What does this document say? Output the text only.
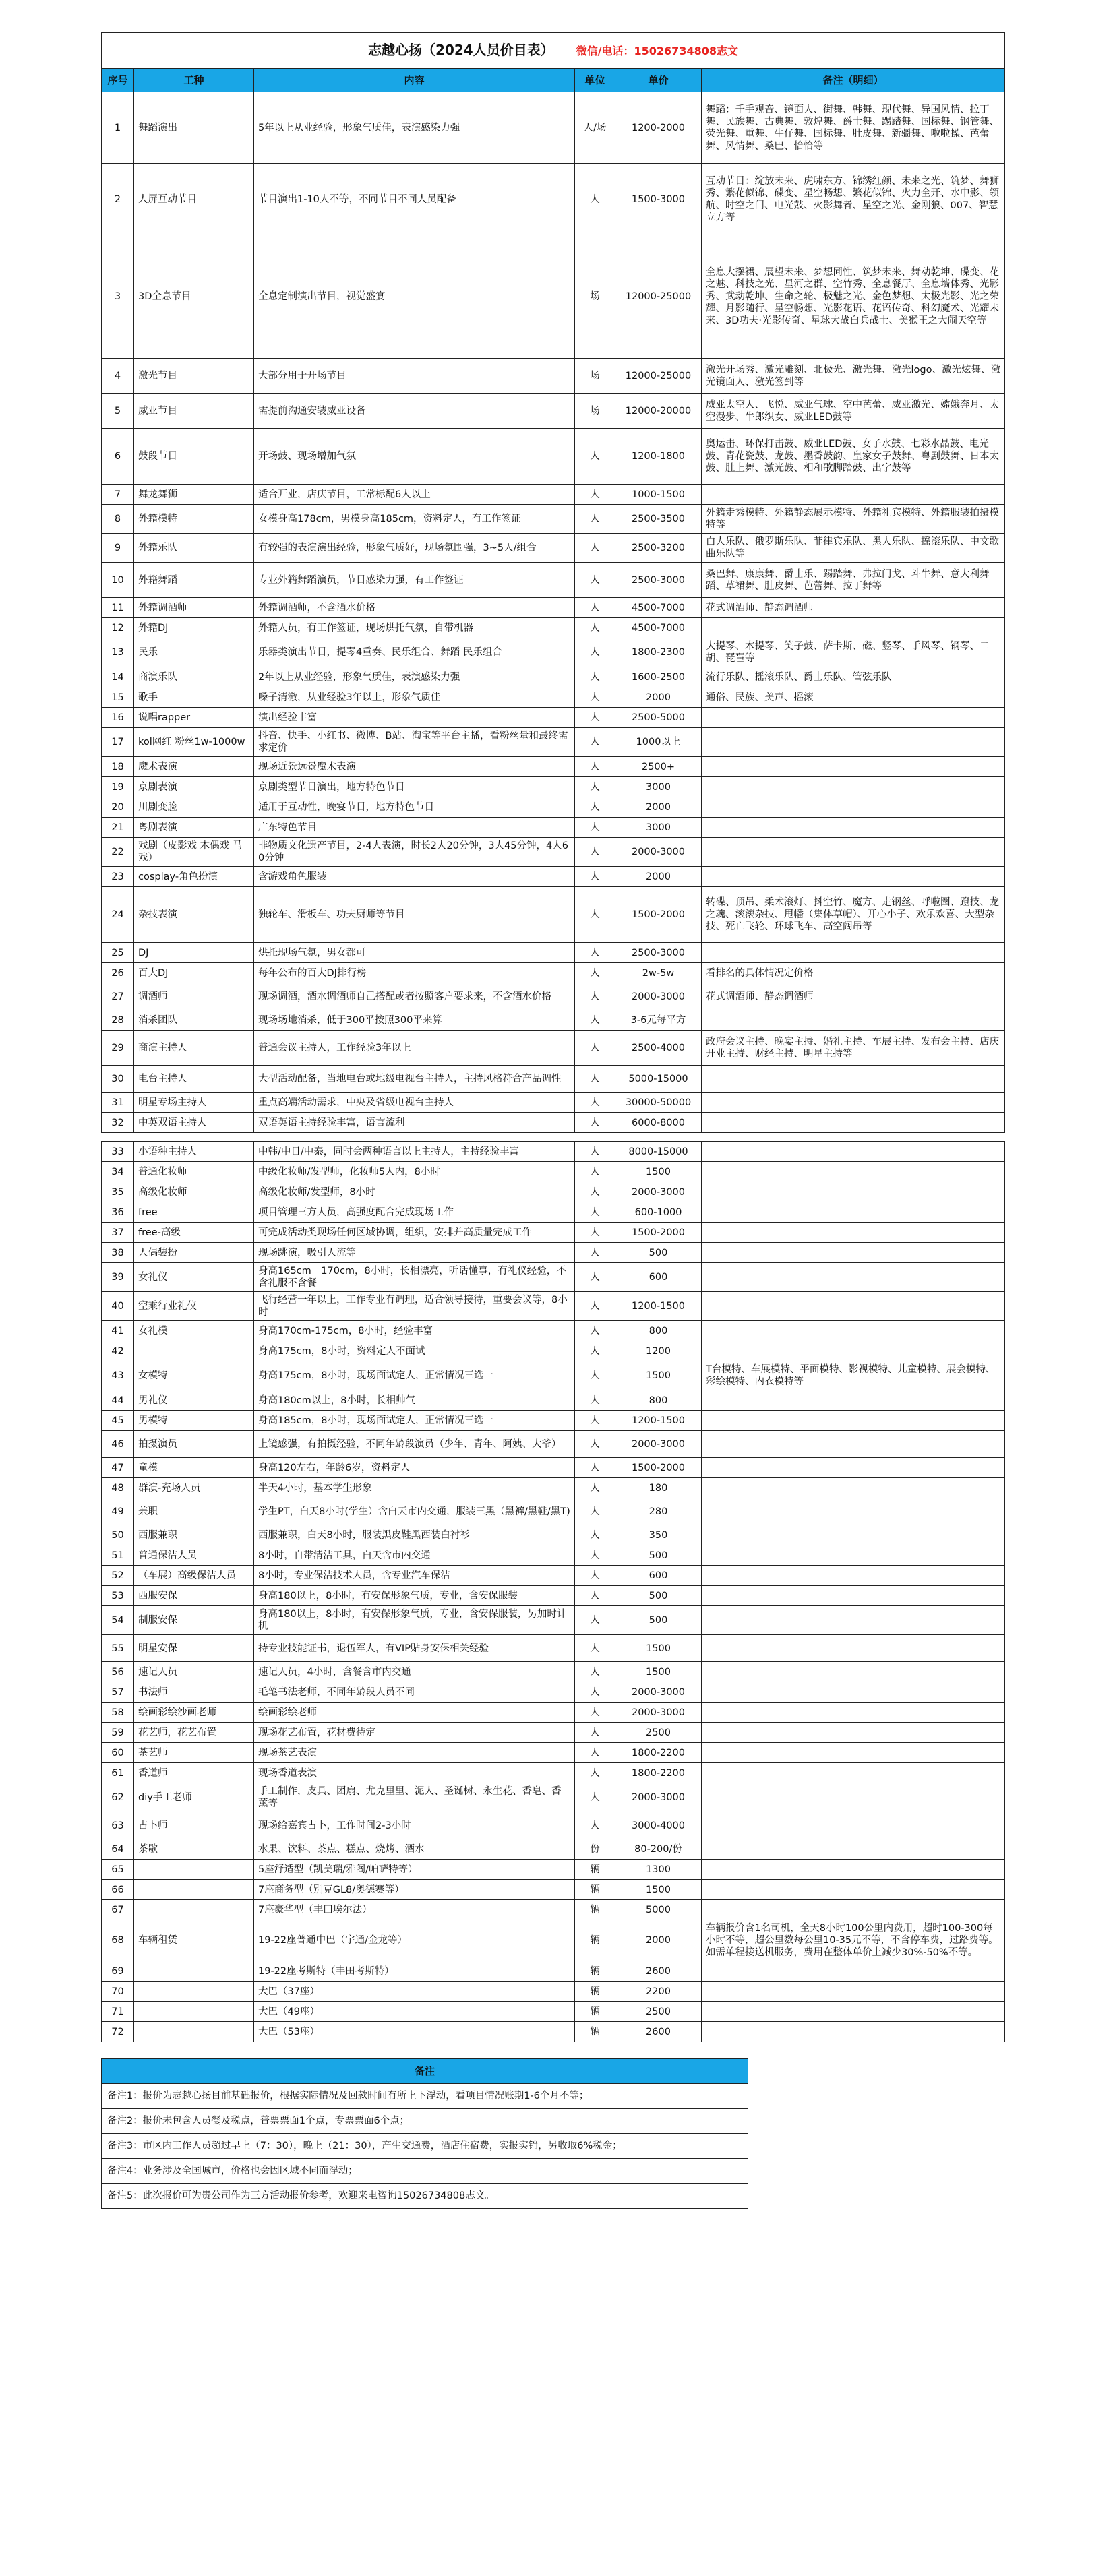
志越心扬（2024人员价目表） 微信/电话：15026734808志文					
序号	工种	内容	单位	单价	备注（明细）
1	舞蹈演出	5年以上从业经验，形象气质佳，表演感染力强	人/场	1200-2000	舞蹈：千手观音、镜面人、街舞、韩舞、现代舞、异国风情、拉丁舞、民族舞、古典舞、敦煌舞、爵士舞、踢踏舞、国标舞、钢管舞、荧光舞、重舞、牛仔舞、国标舞、肚皮舞、新疆舞、啦啦操、芭蕾舞、风情舞、桑巴、恰恰等
2	人屏互动节目	节目演出1-10人不等，不同节目不同人员配备	人	1500-3000	互动节目：绽放未来、虎啸东方、锦绣红颜、未来之光、筑梦、舞狮秀、繁花似锦、碟变、星空畅想、繁花似锦、火力全开、水中影、领航、时空之门、电光鼓、火影舞者、星空之光、金刚狼、007、智慧立方等
3	3D全息节目	全息定制演出节目，视觉盛宴	场	12000-25000	全息大摆裙、展望未来、梦想同性、筑梦未来、舞动乾坤、碟变、花之魅、科技之光、星河之群、空竹秀、全息餐厅、全息墙体秀、光影秀、武动乾坤、生命之轮、极魅之光、金色梦想、太极光影、光之荣耀、月影随行、星空畅想、光影花语、花语传奇、科幻魔术、光耀未来、3D功夫·光影传奇、星球大战白兵战士、美猴王之大闹天空等
4	激光节目	大部分用于开场节目	场	12000-25000	激光开场秀、激光雕刻、北极光、激光舞、激光logo、激光炫舞、激光镜面人、激光签到等
5	威亚节目	需提前沟通安装威亚设备	场	12000-20000	威亚太空人、飞悦、威亚气球、空中芭蕾、威亚激光、嫦娥奔月、太空漫步、牛郎织女、威亚LED鼓等
6	鼓段节目	开场鼓、现场增加气氛	人	1200-1800	奥运击、环保打击鼓、威亚LED鼓、女子水鼓、七彩水晶鼓、电光鼓、青花瓷鼓、龙鼓、墨香鼓韵、皇家女子鼓舞、粤剧鼓舞、日本太鼓、肚上舞、激光鼓、相和歌脚踏鼓、出字鼓等
7	舞龙舞狮	适合开业，店庆节目，工常标配6人以上	人	1000-1500	
8	外籍模特	女模身高178cm，男模身高185cm，资料定人，有工作签证	人	2500-3500	外籍走秀模特、外籍静态展示模特、外籍礼宾模特、外籍服装拍摄模特等
9	外籍乐队	有较强的表演演出经验，形象气质好，现场氛围强，3~5人/组合	人	2500-3200	白人乐队、俄罗斯乐队、菲律宾乐队、黑人乐队、摇滚乐队、中文歌曲乐队等
10	外籍舞蹈	专业外籍舞蹈演员，节目感染力强，有工作签证	人	2500-3000	桑巴舞、康康舞、爵士乐、踢踏舞、弗拉门戈、斗牛舞、意大利舞蹈、草裙舞、肚皮舞、芭蕾舞、拉丁舞等
11	外籍调酒师	外籍调酒师，不含酒水价格	人	4500-7000	花式调酒师、静态调酒师
12	外籍DJ	外籍人员，有工作签证，现场烘托气氛，自带机器	人	4500-7000	
13	民乐	乐器类演出节目，提琴4重奏、民乐组合、舞蹈 民乐组合	人	1800-2300	大提琴、木提琴、笑子鼓、萨卡斯、磁、竖琴、手风琴、钢琴、二胡、琵琶等
14	商演乐队	2年以上从业经验，形象气质佳，表演感染力强	人	1600-2500	流行乐队、摇滚乐队、爵士乐队、管弦乐队
15	歌手	嗓子清澈，从业经验3年以上，形象气质佳	人	2000	通俗、民族、美声、摇滚
16	说唱rapper	演出经验丰富	人	2500-5000	
17	kol网红 粉丝1w-1000w	抖音、快手、小红书、微博、B站、淘宝等平台主播，看粉丝量和最终需求定价	人	1000以上	
18	魔术表演	现场近景远景魔术表演	人	2500+	
19	京剧表演	京剧类型节目演出，地方特色节目	人	3000	
20	川剧变脸	适用于互动性，晚宴节目，地方特色节目	人	2000	
21	粤剧表演	广东特色节目	人	3000	
22	戏剧（皮影戏 木偶戏 马戏）	非物质文化遗产节目，2-4人表演，时长2人20分钟，3人45分钟，4人60分钟	人	2000-3000	
23	cosplay-角色扮演	含游戏角色服装	人	2000	
24	杂技表演	独轮车、滑板车、功夫厨师等节目	人	1500-2000	转碟、顶吊、柔术滚灯、抖空竹、魔方、走钢丝、呼啦圈、蹬技、龙之魂、滚滚杂技、甩幡（集体草帽）、开心小子、欢乐欢喜、大型杂技、死亡飞轮、环球飞车、高空阔吊等
25	DJ	烘托现场气氛，男女都可	人	2500-3000	
26	百大DJ	每年公布的百大DJ排行榜	人	2w-5w	看排名的具体情况定价格
27	调酒师	现场调酒，酒水调酒师自己搭配或者按照客户要求来，不含酒水价格	人	2000-3000	花式调酒师、静态调酒师
28	消杀团队	现场场地消杀，低于300平按照300平来算	人	3-6元每平方	
29	商演主持人	普通会议主持人，工作经验3年以上	人	2500-4000	政府会议主持、晚宴主持、婚礼主持、车展主持、发布会主持、店庆开业主持、财经主持、明星主持等
30	电台主持人	大型活动配备，当地电台或地级电视台主持人，主持风格符合产品调性	人	5000-15000	
31	明星专场主持人	重点高端活动需求，中央及省级电视台主持人	人	30000-50000	
32	中英双语主持人	双语英语主持经验丰富，语言流利	人	6000-8000	

33	小语种主持人	中韩/中日/中泰，同时会两种语言以上主持人，主持经验丰富	人	8000-15000	
34	普通化妆师	中级化妆师/发型师，化妆师5人内，8小时	人	1500	
35	高级化妆师	高级化妆师/发型师，8小时	人	2000-3000	
36	free	项目管理三方人员，高强度配合完成现场工作	人	600-1000	
37	free-高级	可完成活动类现场任何区域协调，组织，安排并高质量完成工作	人	1500-2000	
38	人偶装扮	现场跳演，吸引人流等	人	500	
39	女礼仪	身高165cm－170cm，8小时，长相漂亮，听话懂事，有礼仪经验，不含礼服不含餐	人	600	
40	空乘行业礼仪	飞行经营一年以上，工作专业有调理，适合领导接待，重要会议等，8小时	人	1200-1500	
41	女礼模	身高170cm-175cm，8小时，经验丰富	人	800	
42		身高175cm，8小时，资料定人不面试	人	1200	
43	女模特	身高175cm，8小时，现场面试定人，正常情况三选一	人	1500	T台模特、车展模特、平面模特、影视模特、儿童模特、展会模特、彩绘模特、内衣模特等
44	男礼仪	身高180cm以上，8小时，长相帅气	人	800	
45	男模特	身高185cm，8小时，现场面试定人，正常情况三选一	人	1200-1500	
46	拍摄演员	上镜感强，有拍摄经验，不同年龄段演员（少年、青年、阿姨、大爷）	人	2000-3000	
47	童模	身高120左右，年龄6岁，资料定人	人	1500-2000	
48	群演-充场人员	半天4小时，基本学生形象	人	180	
49	兼职	学生PT，白天8小时(学生）含白天市内交通，服装三黑（黑裤/黑鞋/黑T)	人	280	
50	西服兼职	西服兼职，白天8小时，服装黑皮鞋黑西装白衬衫	人	350	
51	普通保洁人员	8小时，自带清洁工具，白天含市内交通	人	500	
52	（车展）高级保洁人员	8小时，专业保洁技术人员，含专业汽车保洁	人	600	
53	西服安保	身高180以上，8小时，有安保形象气质，专业，含安保服装	人	500	
54	制服安保	身高180以上，8小时，有安保形象气质，专业，含安保服装，另加时计机	人	500	
55	明星安保	持专业技能证书，退伍军人，有VIP贴身安保相关经验	人	1500	
56	速记人员	速记人员，4小时，含餐含市内交通	人	1500	
57	书法师	毛笔书法老师，不同年龄段人员不同	人	2000-3000	
58	绘画彩绘沙画老师	绘画彩绘老师	人	2000-3000	
59	花艺师，花艺布置	现场花艺布置，花材费待定	人	2500	
60	茶艺师	现场茶艺表演	人	1800-2200	
61	香道师	现场香道表演	人	1800-2200	
62	diy手工老师	手工制作，皮具、团扇、尤克里里、泥人、圣诞树、永生花、香皂、香薰等	人	2000-3000	
63	占卜师	现场给嘉宾占卜，工作时间2-3小时	人	3000-4000	
64	茶歇	水果、饮料、茶点、糕点、烧烤、酒水	份	80-200/份	
65		5座舒适型（凯美瑞/雅阁/帕萨特等）	辆	1300	
66		7座商务型（别克GL8/奥德赛等）	辆	1500	
67		7座豪华型（丰田埃尔法）	辆	5000	
68	车辆租赁	19-22座普通中巴（宇通/金龙等）	辆	2000	车辆报价含1名司机，全天8小时100公里内费用，超时100-300每小时不等，超公里数每公里10-35元不等，不含停车费，过路费等。如需单程接送机服务，费用在整体单价上减少30%-50%不等。
69		19-22座考斯特（丰田考斯特）	辆	2600	
70		大巴（37座）	辆	2200	
71		大巴（49座）	辆	2500	
72		大巴（53座）	辆	2600	
备注
备注1：报价为志越心扬目前基础报价，根据实际情况及回款时间有所上下浮动，看项目情况账期1-6个月不等；
备注2：报价未包含人员餐及税点，普票票面1个点，专票票面6个点；
备注3：市区内工作人员超过早上（7：30），晚上（21：30），产生交通费，酒店住宿费，实报实销，另收取6%税金；
备注4：业务涉及全国城市，价格也会因区域不同而浮动；
备注5：此次报价可为贵公司作为三方活动报价参考，欢迎来电咨询15026734808志文。
